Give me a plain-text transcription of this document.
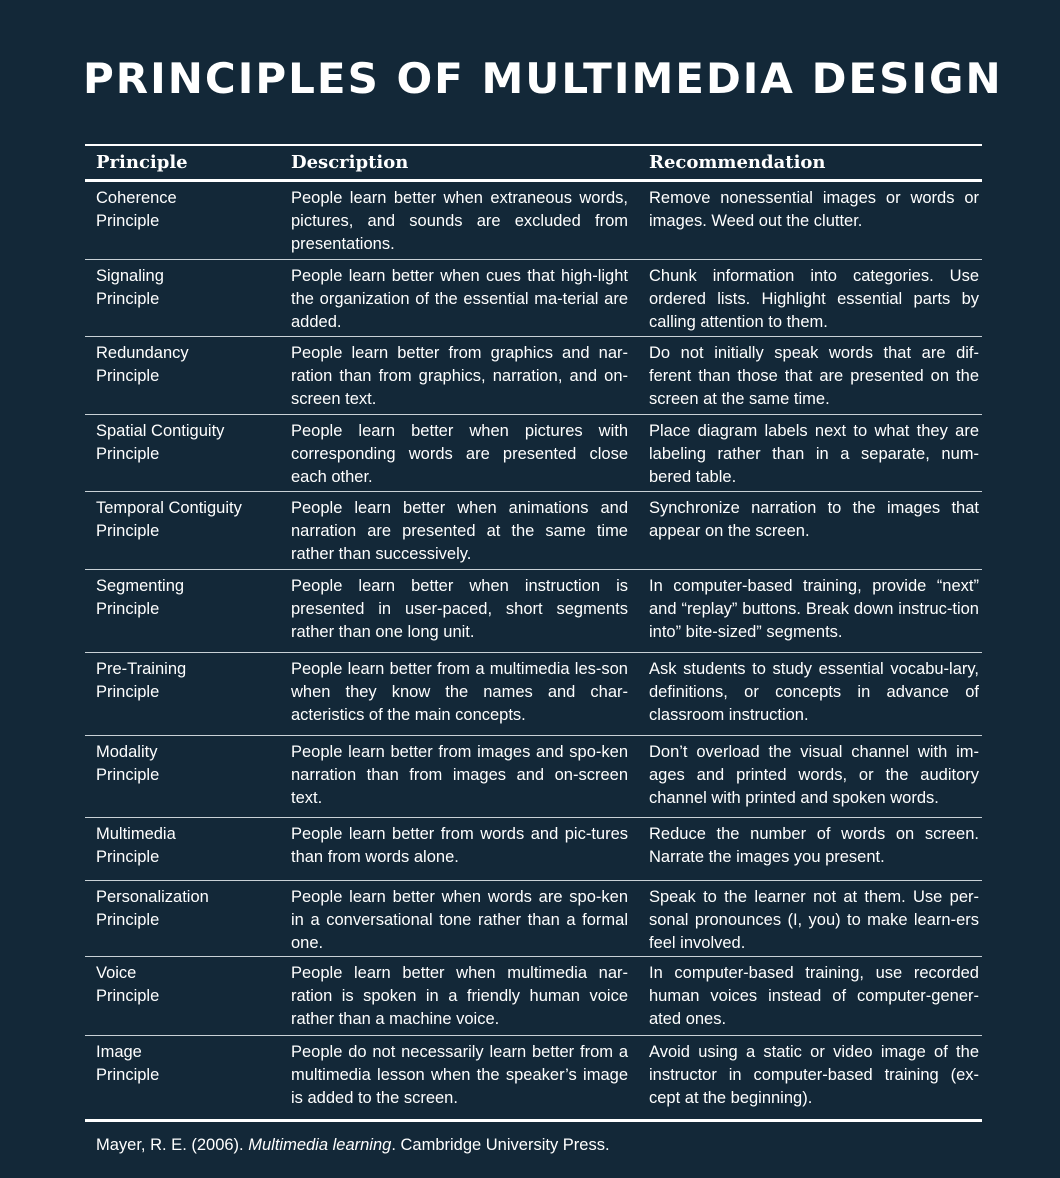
PRINCIPLES OF MULTIMEDIA DESIGN
Principle	Description	Recommendation
Coherence
Principle
People learn better when extraneous words, pictures, and sounds are excluded from presentations.
Remove nonessential images or words or images. Weed out the clutter.
Signaling
Principle
People learn better when cues that high-light the organization of the essential ma-terial are added.
Chunk information into categories. Use ordered lists. Highlight essential parts by calling attention to them.
Redundancy
Principle
People learn better from graphics and nar-ration than from graphics, narration, and on-screen text.
Do not initially speak words that are dif-ferent than those that are presented on the screen at the same time.
Spatial Contiguity
Principle
People learn better when pictures with corresponding words are presented close each other.
Place diagram labels next to what they are labeling rather than in a separate, num-bered table.
Temporal Contiguity
Principle
People learn better when animations and narration are presented at the same time rather than successively.
Synchronize narration to the images that appear on the screen.
Segmenting
Principle
People learn better when instruction is presented in user-paced, short segments rather than one long unit.
In computer-based training, provide “next” and “replay” buttons. Break down instruc-tion into” bite-sized” segments.
Pre-Training
Principle
People learn better from a multimedia les-son when they know the names and char-acteristics of the main concepts.
Ask students to study essential vocabu-lary, definitions, or concepts in advance of classroom instruction.
Modality
Principle
People learn better from images and spo-ken narration than from images and on-screen text.
Don’t overload the visual channel with im-ages and printed words, or the auditory channel with printed and spoken words.
Multimedia
Principle
People learn better from words and pic-tures than from words alone.
Reduce the number of words on screen. Narrate the images you present.
Personalization
Principle
People learn better when words are spo-ken in a conversational tone rather than a formal one.
Speak to the learner not at them. Use per-sonal pronounces (I, you) to make learn-ers feel involved.
Voice
Principle
People learn better when multimedia nar-ration is spoken in a friendly human voice rather than a machine voice.
In computer-based training, use recorded human voices instead of computer-gener-ated ones.
Image
Principle
People do not necessarily learn better from a multimedia lesson when the speaker’s image is added to the screen.
Avoid using a static or video image of the instructor in computer-based training (ex-cept at the beginning).
Mayer, R. E. (2006). Multimedia learning. Cambridge University Press.
